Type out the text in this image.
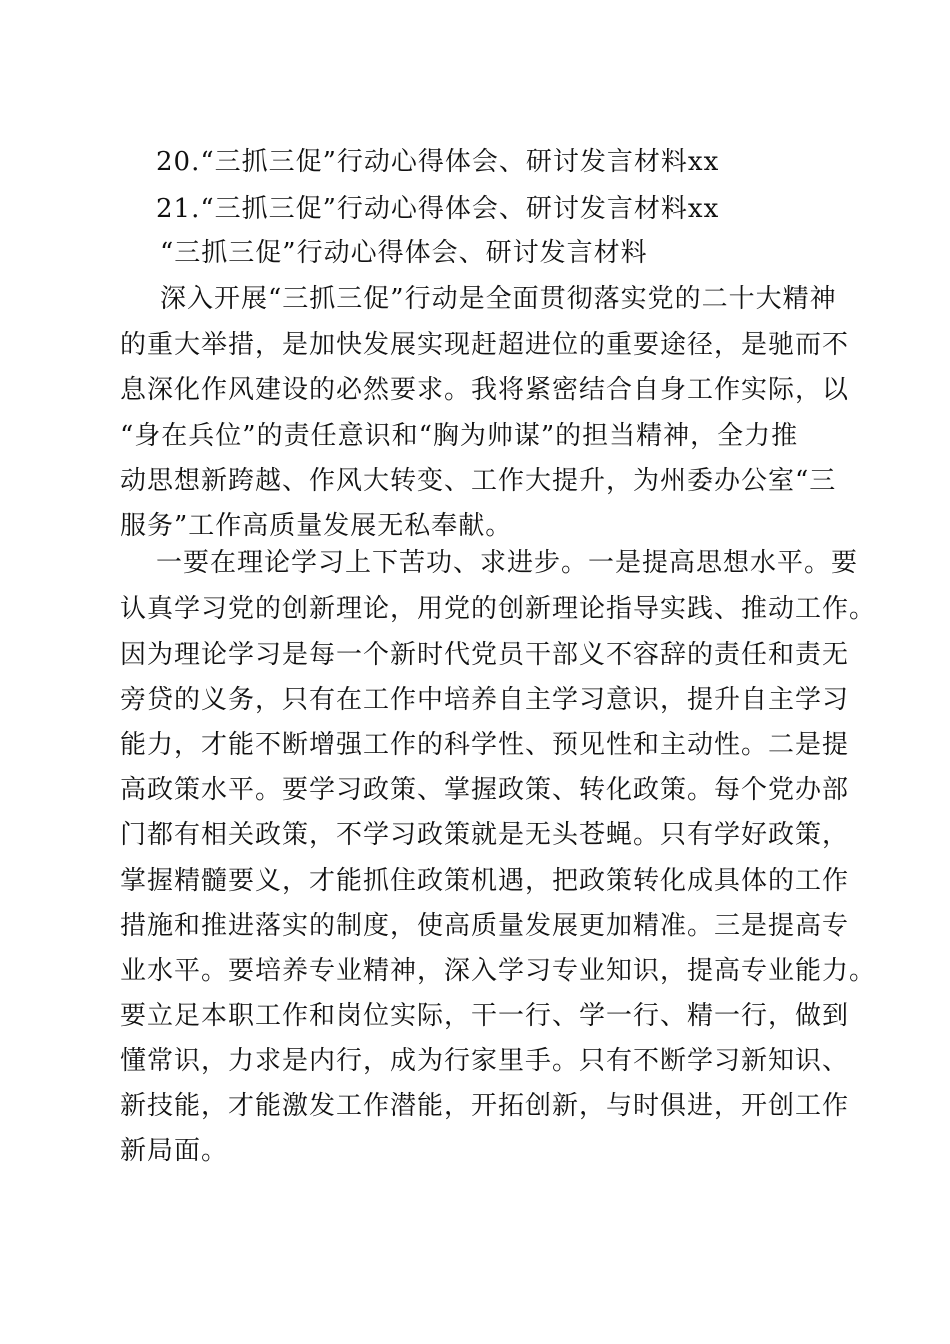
20.“三抓三促”行动心得体会、研讨发言材料xx
21.“三抓三促”行动心得体会、研讨发言材料xx
“三抓三促”行动心得体会、研讨发言材料
深入开展“三抓三促”行动是全面贯彻落实党的二十大精神
的重大举措，是加快发展实现赶超进位的重要途径，是驰而不
息深化作风建设的必然要求。我将紧密结合自身工作实际，以
“身在兵位”的责任意识和“胸为帅谋”的担当精神，全力推
动思想新跨越、作风大转变、工作大提升，为州委办公室“三
服务”工作高质量发展无私奉献。
一要在理论学习上下苦功、求进步。一是提高思想水平。要
认真学习党的创新理论，用党的创新理论指导实践、推动工作。
因为理论学习是每一个新时代党员干部义不容辞的责任和责无
旁贷的义务，只有在工作中培养自主学习意识，提升自主学习
能力，才能不断增强工作的科学性、预见性和主动性。二是提
高政策水平。要学习政策、掌握政策、转化政策。每个党办部
门都有相关政策，不学习政策就是无头苍蝇。只有学好政策，
掌握精髓要义，才能抓住政策机遇，把政策转化成具体的工作
措施和推进落实的制度，使高质量发展更加精准。三是提高专
业水平。要培养专业精神，深入学习专业知识，提高专业能力。
要立足本职工作和岗位实际，干一行、学一行、精一行，做到
懂常识，力求是内行，成为行家里手。只有不断学习新知识、
新技能，才能激发工作潜能，开拓创新，与时俱进，开创工作
新局面。
